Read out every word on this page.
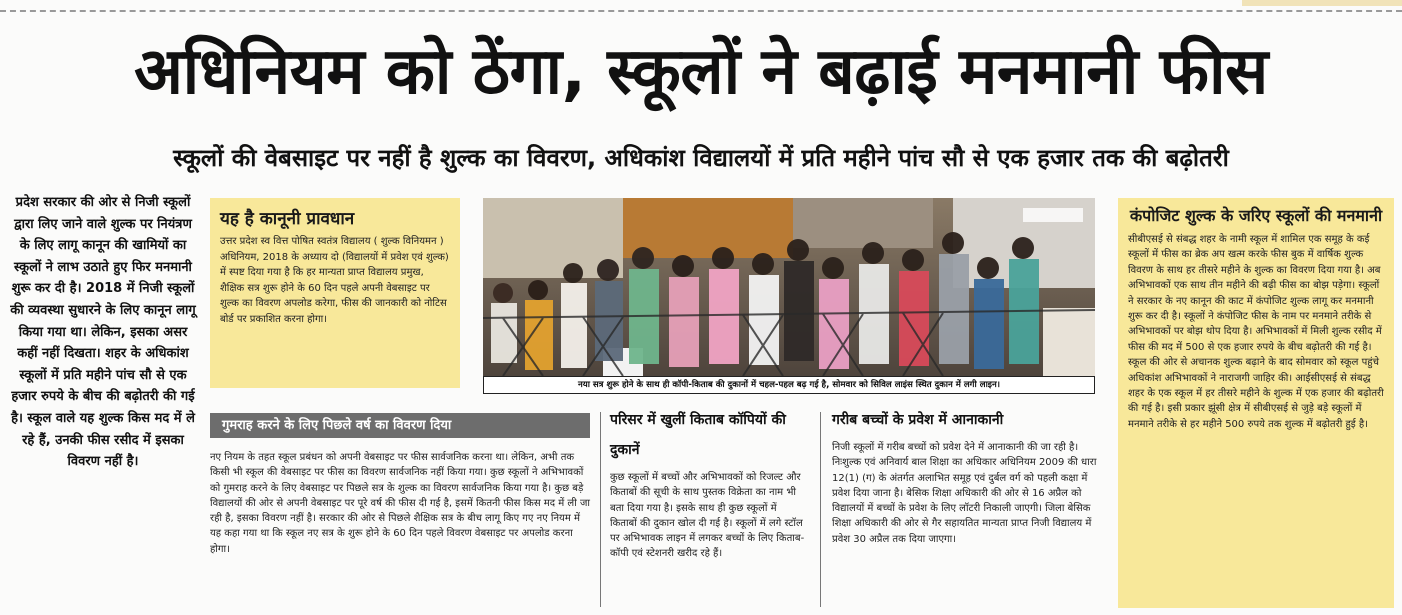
अधिनियम को ठेंगा, स्कूलों ने बढ़ाई मनमानी फीस
स्कूलों की वेबसाइट पर नहीं है शुल्क का विवरण, अधिकांश विद्यालयों में प्रति महीने पांच सौ से एक हजार तक की बढ़ोतरी
प्रदेश सरकार की ओर से निजी स्कूलों द्वारा लिए जाने वाले शुल्क पर नियंत्रण के लिए लागू कानून की खामियों का स्कूलों ने लाभ उठाते हुए फिर मनमानी शुरू कर दी है। 2018 में निजी स्कूलों की व्यवस्था सुधारने के लिए कानून लागू किया गया था। लेकिन, इसका असर कहीं नहीं दिखता। शहर के अधिकांश स्कूलों में प्रति महीने पांच सौ से एक हजार रुपये के बीच की बढ़ोतरी की गई है। स्कूल वाले यह शुल्क किस मद में ले रहे हैं, उनकी फीस रसीद में इसका विवरण नहीं है।
यह है कानूनी प्रावधान

उत्तर प्रदेश स्व वित्त पोषित स्वतंत्र विद्यालय ( शुल्क विनियमन ) अधिनियम, 2018 के अध्याय दो (विद्यालयों में प्रवेश एवं शुल्क) में स्पष्ट दिया गया है कि हर मान्यता प्राप्त विद्यालय प्रमुख, शैक्षिक सत्र शुरू होने के 60 दिन पहले अपनी वेबसाइट पर शुल्क का विवरण अपलोड करेगा, फीस की जानकारी को नोटिस बोर्ड पर प्रकाशित करना होगा।

नया सत्र शुरू होने के साथ ही कॉपी-किताब की दुकानों में चहल-पहल बढ़ गई है, सोमवार को सिविल लाइंस स्थित दुकान में लगी लाइन।
गुमराह करने के लिए पिछले वर्ष का विवरण दिया
नए नियम के तहत स्कूल प्रबंधन को अपनी वेबसाइट पर फीस सार्वजनिक करना था। लेकिन, अभी तक किसी भी स्कूल की वेबसाइट पर फीस का विवरण सार्वजनिक नहीं किया गया। कुछ स्कूलों ने अभिभावकों को गुमराह करने के लिए वेबसाइट पर पिछले सत्र के शुल्क का विवरण सार्वजनिक किया गया है। कुछ बड़े विद्यालयों की ओर से अपनी वेबसाइट पर पूरे वर्ष की फीस दी गई है, इसमें कितनी फीस किस मद में ली जा रही है, इसका विवरण नहीं है। सरकार की ओर से पिछले शैक्षिक सत्र के बीच लागू किए गए नए नियम में यह कहा गया था कि स्कूल नए सत्र के शुरू होने के 60 दिन पहले विवरण वेबसाइट पर अपलोड करना होगा।
परिसर में खुलीं किताब कॉपियों की दुकानें
कुछ स्कूलों में बच्चों और अभिभावकों को रिजल्ट और किताबों की सूची के साथ पुस्तक विक्रेता का नाम भी बता दिया गया है। इसके साथ ही कुछ स्कूलों में किताबों की दुकान खोल दी गई है। स्कूलों में लगे स्टॉल पर अभिभावक लाइन में लगकर बच्चों के लिए किताब-कॉपी एवं स्टेशनरी खरीद रहे हैं।
गरीब बच्चों के प्रवेश में आनाकानी
निजी स्कूलों में गरीब बच्चों को प्रवेश देने में आनाकानी की जा रही है। निःशुल्क एवं अनिवार्य बाल शिक्षा का अधिकार अधिनियम 2009 की धारा 12(1) (ग) के अंतर्गत अलाभित समूह एवं दुर्बल वर्ग को पहली कक्षा में प्रवेश दिया जाना है। बेसिक शिक्षा अधिकारी की ओर से 16 अप्रैल को विद्यालयों में बच्चों के प्रवेश के लिए लॉटरी निकाली जाएगी। जिला बेसिक शिक्षा अधिकारी की ओर से गैर सहायतित मान्यता प्राप्त निजी विद्यालय में प्रवेश 30 अप्रैल तक दिया जाएगा।
कंपोजिट शुल्क के जरिए स्कूलों की मनमानी

सीबीएसई से संबद्ध शहर के नामी स्कूल में शामिल एक समूह के कई स्कूलों में फीस का ब्रेक अप खत्म करके फीस बुक में वार्षिक शुल्क विवरण के साथ हर तीसरे महीने के शुल्क का विवरण दिया गया है। अब अभिभावकों एक साथ तीन महीने की बढ़ी फीस का बोझ पड़ेगा। स्कूलों ने सरकार के नए कानून की काट में कंपोजिट शुल्क लागू कर मनमानी शुरू कर दी है। स्कूलों ने कंपोजिट फीस के नाम पर मनमाने तरीके से अभिभावकों पर बोझ थोप दिया है। अभिभावकों में मिली शुल्क रसीद में फीस की मद में 500 से एक हजार रुपये के बीच बढ़ोतरी की गई है। स्कूल की ओर से अचानक शुल्क बढ़ाने के बाद सोमवार को स्कूल पहुंचे अधिकांश अभिभावकों ने नाराजगी जाहिर की। आईसीएसई से संबद्ध शहर के एक स्कूल में हर तीसरे महीने के शुल्क में एक हजार की बढ़ोतरी की गई है। इसी प्रकार झूंसी क्षेत्र में सीबीएसई से जुड़े बड़े स्कूलों में मनमाने तरीके से हर महीने 500 रुपये तक शुल्क में बढ़ोतरी हुई है।
